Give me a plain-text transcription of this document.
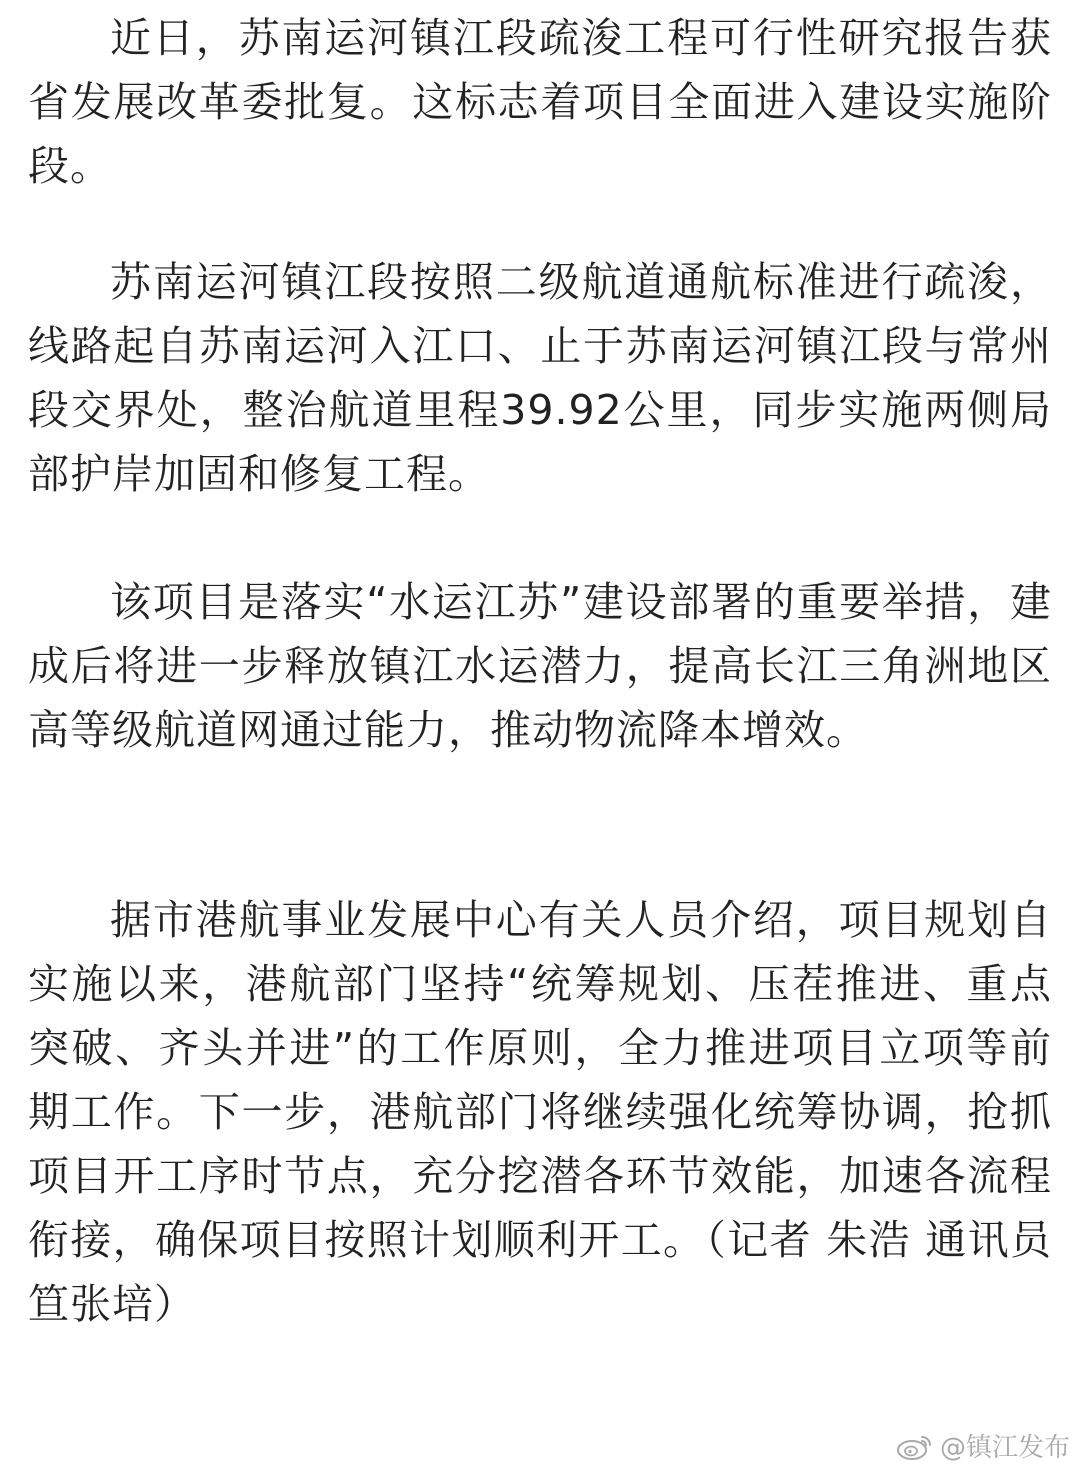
近日，苏南运河镇江段疏浚工程可行性研究报告获省发展改革委批复。这标志着项目全面进入建设实施阶段。

苏南运河镇江段按照二级航道通航标准进行疏浚，线路起自苏南运河入江口、止于苏南运河镇江段与常州段交界处，整治航道里程39.92公里，同步实施两侧局部护岸加固和修复工程。

该项目是落实“水运江苏”建设部署的重要举措，建成后将进一步释放镇江水运潜力，提高长江三角洲地区高等级航道网通过能力，推动物流降本增效。

据市港航事业发展中心有关人员介绍，项目规划自实施以来，港航部门坚持“统筹规划、压茬推进、重点突破、齐头并进”的工作原则，全力推进项目立项等前期工作。下一步，港航部门将继续强化统筹协调，抢抓项目开工序时节点，充分挖潜各环节效能，加速各流程衔接，确保项目按照计划顺利开工。（记者 朱浩 通讯员 笪张培）

@镇江发布
